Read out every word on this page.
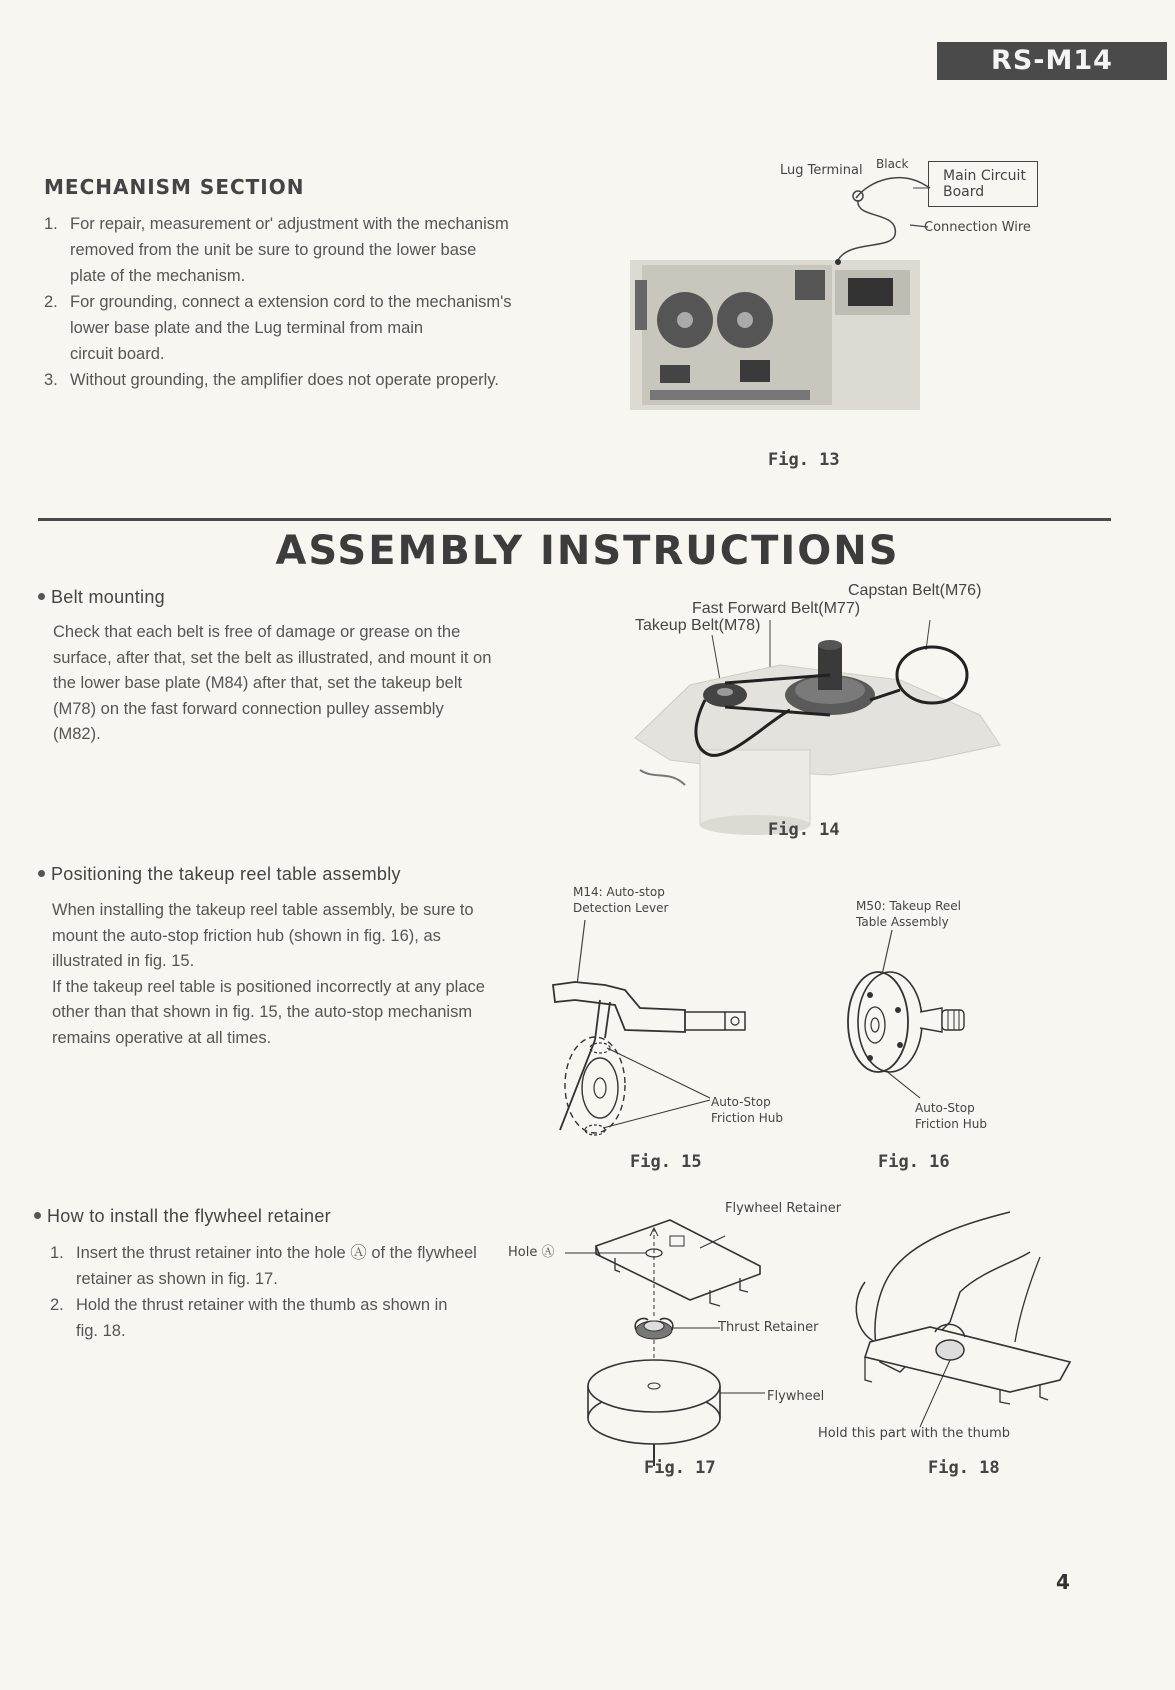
RS-M14
MECHANISM SECTION
1. For repair, measurement or' adjustment with the mechanism
removed from the unit be sure to ground the lower base
plate of the mechanism.
2. For grounding, connect a extension cord to the mechanism's
lower base plate and the Lug terminal from main
circuit board.
3. Without grounding, the amplifier does not operate properly.
Lug Terminal Black
Main Circuit
Board
Connection Wire
Fig. 13
ASSEMBLY INSTRUCTIONS
Belt mounting
Check that each belt is free of damage or grease on the
surface, after that, set the belt as illustrated, and mount it on
the lower base plate (M84) after that, set the takeup belt
(M78) on the fast forward connection pulley assembly
(M82).
Capstan Belt(M76)
Fast Forward Belt(M77)
Takeup Belt(M78)
Fig. 14
Positioning the takeup reel table assembly
When installing the takeup reel table assembly, be sure to
mount the auto-stop friction hub (shown in fig. 16), as
illustrated in fig. 15.
If the takeup reel table is positioned incorrectly at any place
other than that shown in fig. 15, the auto-stop mechanism
remains operative at all times.
M14: Auto-stop
Detection Lever
Auto-Stop
Friction Hub
Fig. 15
M50: Takeup Reel
Table Assembly
Auto-Stop
Friction Hub
Fig. 16
How to install the flywheel retainer
1. Insert the thrust retainer into the hole Ⓐ of the flywheel
retainer as shown in fig. 17.
2. Hold the thrust retainer with the thumb as shown in
fig. 18.
Hole Ⓐ
Flywheel Retainer
Thrust Retainer
Flywheel
Fig. 17
Hold this part with the thumb
Fig. 18
4
